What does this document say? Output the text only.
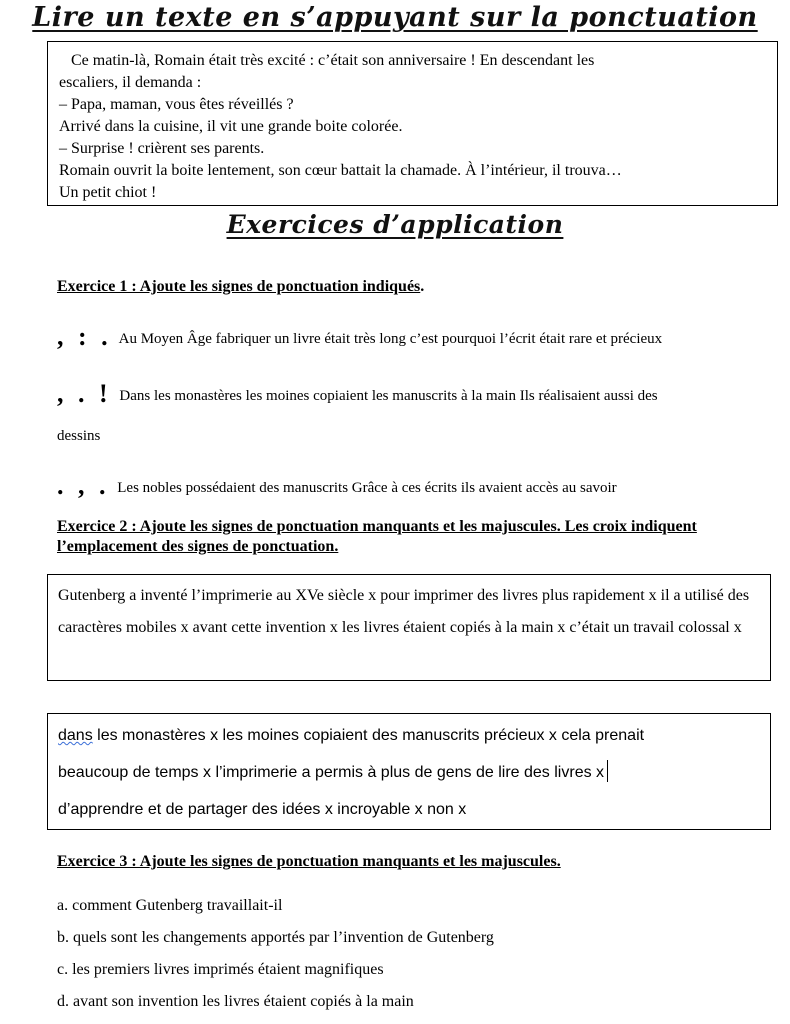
Lire un texte en s’appuyant sur la ponctuation
Ce matin-là, Romain était très excité : c’était son anniversaire ! En descendant les
escaliers, il demanda :
– Papa, maman, vous êtes réveillés ?
Arrivé dans la cuisine, il vit une grande boite colorée.
– Surprise ! crièrent ses parents.
Romain ouvrit la boite lentement, son cœur battait la chamade. À l’intérieur, il trouva…
Un petit chiot !
Exercices d’application
Exercice 1 : Ajoute les signes de ponctuation indiqués.
, : . Au Moyen Âge fabriquer un livre était très long c’est pourquoi l’écrit était rare et précieux
, . ! Dans les monastères les moines copiaient les manuscrits à la main Ils réalisaient aussi des
dessins
. , . Les nobles possédaient des manuscrits Grâce à ces écrits ils avaient accès au savoir
Exercice 2 : Ajoute les signes de ponctuation manquants et les majuscules. Les croix indiquent l’emplacement des signes de ponctuation.
Gutenberg a inventé l’imprimerie au XVe siècle x pour imprimer des livres plus rapidement x il a utilisé des caractères mobiles x avant cette invention x les livres étaient copiés à la main x c’était un travail colossal x
dans les monastères x les moines copiaient des manuscrits précieux x cela prenait
beaucoup de temps x l’imprimerie a permis à plus de gens de lire des livres x
d’apprendre et de partager des idées x incroyable x non x
Exercice 3 : Ajoute les signes de ponctuation manquants et les majuscules.
a. comment Gutenberg travaillait-il
b. quels sont les changements apportés par l’invention de Gutenberg
c. les premiers livres imprimés étaient magnifiques
d. avant son invention les livres étaient copiés à la main
